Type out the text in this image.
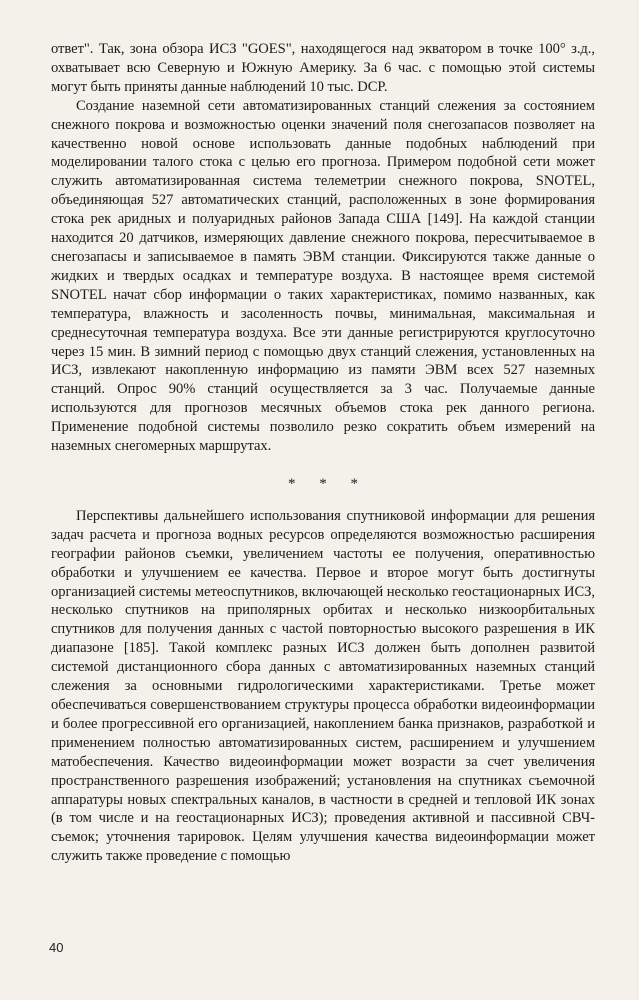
ответ". Так, зона обзора ИСЗ "GOES", находящегося над экватором в точке 100° з.д., охватывает всю Северную и Южную Америку. За 6 час. с помощью этой системы могут быть приняты данные наблюдений 10 тыс. DCP.

Создание наземной сети автоматизированных станций слежения за состоянием снежного покрова и возможностью оценки значений поля снегозапасов позволяет на качественно новой основе использовать данные подобных наблюдений при моделировании талого стока с целью его прогноза. Примером подобной сети может служить автоматизированная система телеметрии снежного покрова, SNOTEL, объединяющая 527 автоматических станций, расположенных в зоне формирования стока рек аридных и полуаридных районов Запада США [149]. На каждой станции находится 20 датчиков, измеряющих давление снежного покрова, пересчитываемое в снегозапасы и записываемое в память ЭВМ станции. Фиксируются также данные о жидких и твердых осадках и температуре воздуха. В настоящее время системой SNOTEL начат сбор информации о таких характеристиках, помимо названных, как температура, влажность и засоленность почвы, минимальная, максимальная и среднесуточная температура воздуха. Все эти данные регистрируются круглосуточно через 15 мин. В зимний период с помощью двух станций слежения, установленных на ИСЗ, извлекают накопленную информацию из памяти ЭВМ всех 527 наземных станций. Опрос 90% станций осуществляется за 3 час. Получаемые данные используются для прогнозов месячных объемов стока рек данного региона. Применение подобной системы позволило резко сократить объем измерений на наземных снегомерных маршрутах.

* * *

Перспективы дальнейшего использования спутниковой информации для решения задач расчета и прогноза водных ресурсов определяются возможностью расширения географии районов съемки, увеличением частоты ее получения, оперативностью обработки и улучшением ее качества. Первое и второе могут быть достигнуты организацией системы метеоспутников, включающей несколько геостационарных ИСЗ, несколько спутников на приполярных орбитах и несколько низкоорбитальных спутников для получения данных с частой повторностью высокого разрешения в ИК диапазоне [185]. Такой комплекс разных ИСЗ должен быть дополнен развитой системой дистанционного сбора данных с автоматизированных наземных станций слежения за основными гидрологическими характеристиками. Третье может обеспечиваться совершенствованием структуры процесса обработки видеоинформации и более прогрессивной его организацией, накоплением банка признаков, разработкой и применением полностью автоматизированных систем, расширением и улучшением матобеспечения. Качество видеоинформации может возрасти за счет увеличения пространственного разрешения изображений; установления на спутниках съемочной аппаратуры новых спектральных каналов, в частности в средней и тепловой ИК зонах (в том числе и на геостационарных ИСЗ); проведения активной и пассивной СВЧ-съемок; уточнения тарировок. Целям улучшения качества видеоинформации может служить также проведение с помощью

40
